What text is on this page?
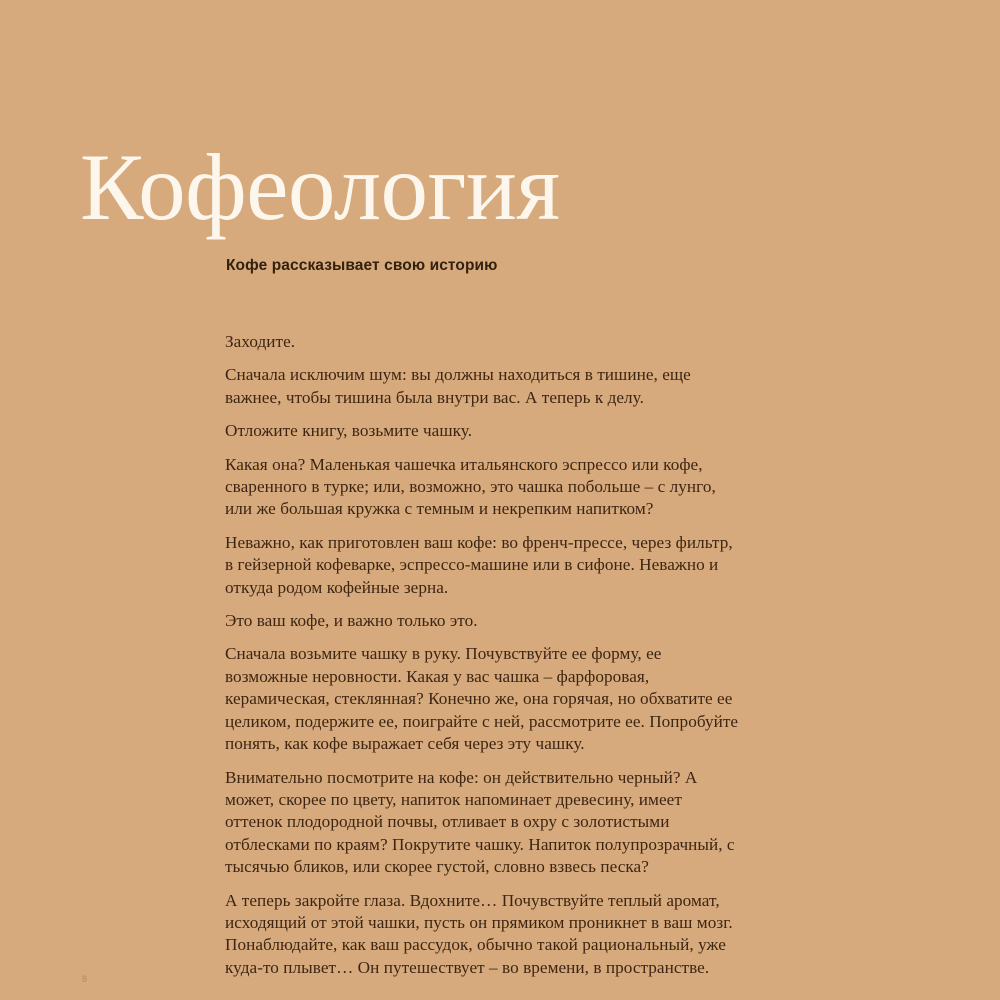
Кофеология

Кофе рассказывает свою историю

Заходите.

Сначала исключим шум: вы должны находиться в тишине, еще важнее, чтобы тишина была внутри вас. А теперь к делу.

Отложите книгу, возьмите чашку.

Какая она? Маленькая чашечка итальянского эспрессо или кофе, сваренного в турке; или, возможно, это чашка побольше – с лунго, или же большая кружка с темным и некрепким напитком?

Неважно, как приготовлен ваш кофе: во френч-прессе, через фильтр, в гейзерной кофеварке, эспрессо-машине или в сифоне. Неважно и откуда родом кофейные зерна.

Это ваш кофе, и важно только это.

Сначала возьмите чашку в руку. Почувствуйте ее форму, ее возможные неровности. Какая у вас чашка – фарфоровая, керамическая, стеклянная? Конечно же, она горячая, но обхватите ее целиком, подержите ее, поиграйте с ней, рассмотрите ее. Попробуйте понять, как кофе выражает себя через эту чашку.

Внимательно посмотрите на кофе: он действительно черный? А может, скорее по цвету, напиток напоминает древесину, имеет оттенок плодородной почвы, отливает в охру с золотистыми отблесками по краям? Покрутите чашку. Напиток полупрозрачный, с тысячью бликов, или скорее густой, словно взвесь песка?

А теперь закройте глаза. Вдохните… Почувствуйте теплый аромат, исходящий от этой чашки, пусть он прямиком проникнет в ваш мозг. Понаблюдайте, как ваш рассудок, обычно такой рациональный, уже куда-то плывет… Он путешествует – во времени, в пространстве.

8
